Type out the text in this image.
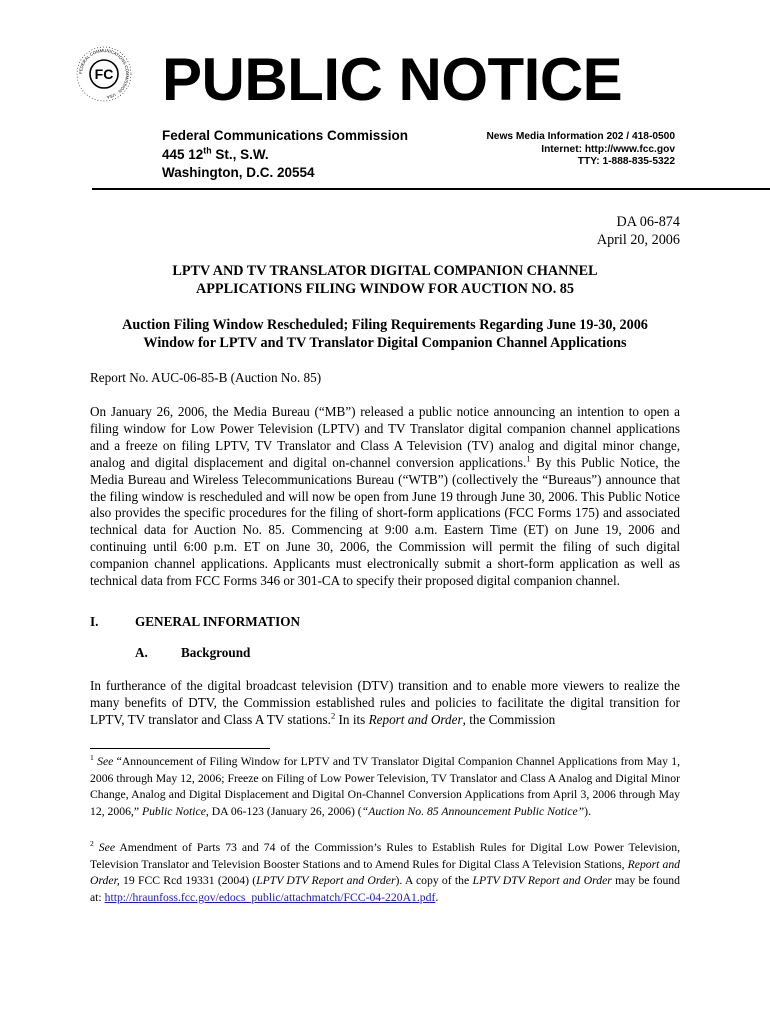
FEDERAL COMMUNICATIONS COMMISSION · USA ·
FC PUBLIC NOTICE
Federal Communications Commission
445 12th St., S.W.
Washington, D.C. 20554
News Media Information 202 / 418-0500
Internet: http://www.fcc.gov
TTY: 1-888-835-5322
DA 06-874
April 20, 2006
LPTV AND TV TRANSLATOR DIGITAL COMPANION CHANNEL
APPLICATIONS FILING WINDOW FOR AUCTION NO. 85
Auction Filing Window Rescheduled; Filing Requirements Regarding June 19-30, 2006
Window for LPTV and TV Translator Digital Companion Channel Applications
Report No. AUC-06-85-B (Auction No. 85)
On January 26, 2006, the Media Bureau (“MB”) released a public notice announcing an intention to open a filing window for Low Power Television (LPTV) and TV Translator digital companion channel applications and a freeze on filing LPTV, TV Translator and Class A Television (TV) analog and digital minor change, analog and digital displacement and digital on-channel conversion applications.$^1$ By this Public Notice, the Media Bureau and Wireless Telecommunications Bureau (“WTB”) (collectively the “Bureaus”) announce that the filing window is rescheduled and will now be open from June 19 through June 30, 2006. This Public Notice also provides the specific procedures for the filing of short-form applications (FCC Forms 175) and associated technical data for Auction No. 85. Commencing at 9:00 a.m. Eastern Time (ET) on June 19, 2006 and continuing until 6:00 p.m. ET on June 30, 2006, the Commission will permit the filing of such digital companion channel applications. Applicants must electronically submit a short-form application as well as technical data from FCC Forms 346 or 301-CA to specify their proposed digital companion channel.
I.	GENERAL INFORMATION
A.	Background
In furtherance of the digital broadcast television (DTV) transition and to enable more viewers to realize the many benefits of DTV, the Commission established rules and policies to facilitate the digital transition for LPTV, TV translator and Class A TV stations.$^2$ In its Report and Order, the Commission
$^1$ See “Announcement of Filing Window for LPTV and TV Translator Digital Companion Channel Applications from May 1, 2006 through May 12, 2006; Freeze on Filing of Low Power Television, TV Translator and Class A Analog and Digital Minor Change, Analog and Digital Displacement and Digital On-Channel Conversion Applications from April 3, 2006 through May 12, 2006,” Public Notice, DA 06-123 (January 26, 2006) (“Auction No. 85 Announcement Public Notice”).
$^2$ See Amendment of Parts 73 and 74 of the Commission’s Rules to Establish Rules for Digital Low Power Television, Television Translator and Television Booster Stations and to Amend Rules for Digital Class A Television Stations, Report and Order, 19 FCC Rcd 19331 (2004) (LPTV DTV Report and Order). A copy of the LPTV DTV Report and Order may be found at: http://hraunfoss.fcc.gov/edocs_public/attachmatch/FCC-04-220A1.pdf.
